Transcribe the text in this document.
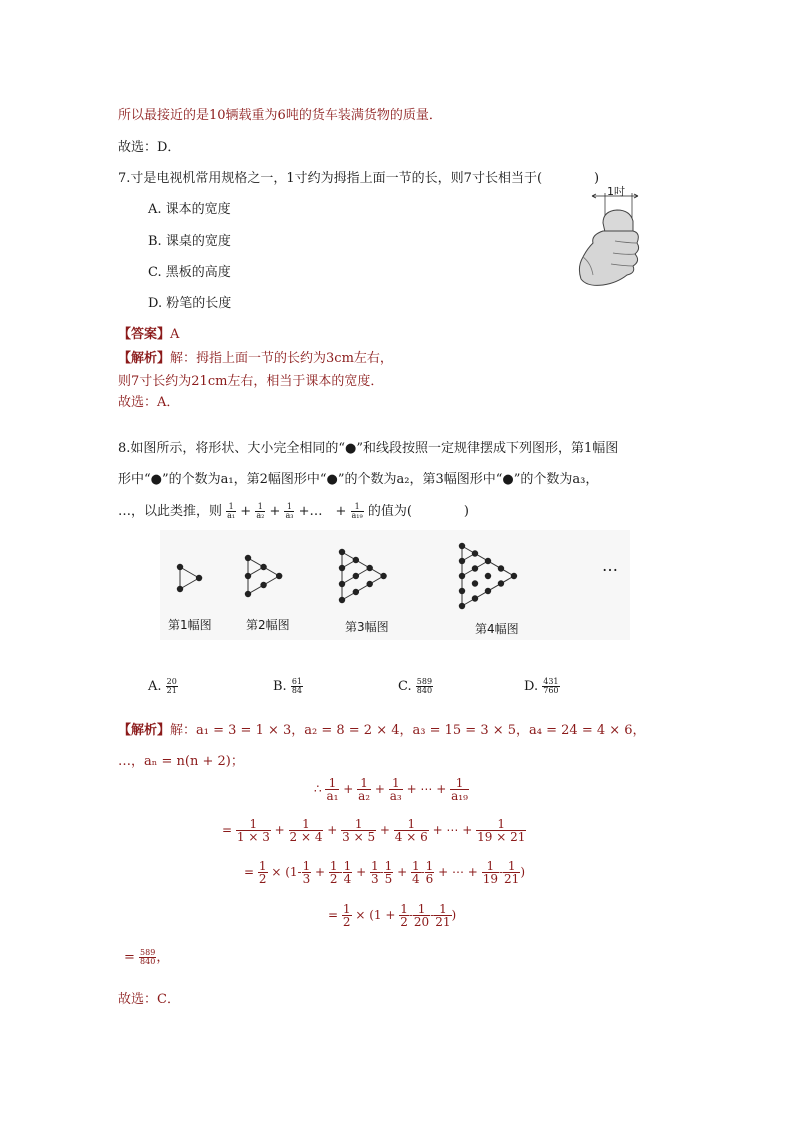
所以最接近的是10辆载重为6吨的货车装满货物的质量．
故选：D．
7.寸是电视机常用规格之一，1寸约为拇指上面一节的长，则7寸长相当于(　　　　)
A. 课本的宽度
B. 课桌的宽度
C. 黑板的高度
D. 粉笔的长度
1吋
【答案】A
【解析】解：拇指上面一节的长约为3cm左右，
则7寸长约为21cm左右，相当于课本的宽度．
故选：A．
8.如图所示，将形状、大小完全相同的“●”和线段按照一定规律摆成下列图形，第1幅图
形中“●”的个数为a₁，第2幅图形中“●”的个数为a₂，第3幅图形中“●”的个数为a₃，
…，以此类推，则 $\frac{1}{\text{a₁}} + \frac{1}{\text{a₂}} + \frac{1}{\text{a₃}}$ +…　+ $\frac{1}{\text{a₁₉}}$ 的值为(　　　　)
第1幅图	第2幅图	第3幅图	第4幅图
…
A. $\frac{20}{21}$	B. $\frac{61}{84}$	C. $\frac{589}{840}$	D. $\frac{431}{760}$
【解析】解：a₁ = 3 = 1 × 3，a₂ = 8 = 2 × 4，a₃ = 15 = 3 × 5，a₄ = 24 = 4 × 6，
…，aₙ = n(n + 2)；
∴ $\frac{1}{\text{a₁}} + \frac{1}{\text{a₂}} + \frac{1}{\text{a₃}}$ + ⋯ + $\frac{1}{\text{a₁₉}}$
= $\frac{1}{1 \times 3} + \frac{1}{2 \times 4} + \frac{1}{3 \times 5} + \frac{1}{4 \times 6}$ + ⋯ + $\frac{1}{19 \times 21}$
= $\frac{1}{2} \times (1- \frac{1}{3} + \frac{1}{2} - \frac{1}{4} + \frac{1}{3} - \frac{1}{5} + \frac{1}{4} - \frac{1}{6}$ + ⋯ + $\frac{1}{19} - \frac{1}{21}$ )
= $\frac{1}{2} \times (1 + \frac{1}{2} - \frac{1}{20} - \frac{1}{21}$ )
= $\frac{589}{840}$ ，
故选：C．
